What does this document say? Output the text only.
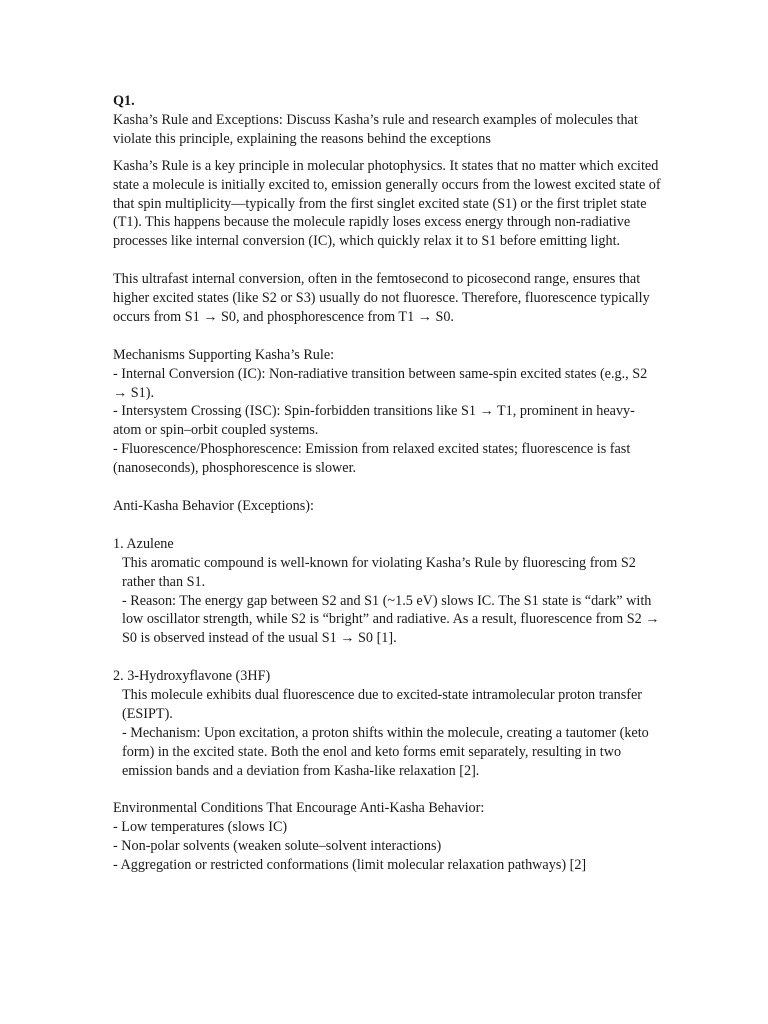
Q1.

Kasha’s Rule and Exceptions: Discuss Kasha’s rule and research examples of molecules that violate this principle, explaining the reasons behind the exceptions

Kasha’s Rule is a key principle in molecular photophysics. It states that no matter which excited state a molecule is initially excited to, emission generally occurs from the lowest excited state of that spin multiplicity—typically from the first singlet excited state (S1) or the first triplet state (T1). This happens because the molecule rapidly loses excess energy through non-radiative processes like internal conversion (IC), which quickly relax it to S1 before emitting light.

This ultrafast internal conversion, often in the femtosecond to picosecond range, ensures that higher excited states (like S2 or S3) usually do not fluoresce. Therefore, fluorescence typically occurs from S1 → S0, and phosphorescence from T1 → S0.

Mechanisms Supporting Kasha’s Rule:

- Internal Conversion (IC): Non-radiative transition between same-spin excited states (e.g., S2 → S1).

- Intersystem Crossing (ISC): Spin-forbidden transitions like S1 → T1, prominent in heavy-atom or spin–orbit coupled systems.

- Fluorescence/Phosphorescence: Emission from relaxed excited states; fluorescence is fast (nanoseconds), phosphorescence is slower.

Anti-Kasha Behavior (Exceptions):

1. Azulene

This aromatic compound is well-known for violating Kasha’s Rule by fluorescing from S2 rather than S1.

- Reason: The energy gap between S2 and S1 (~1.5 eV) slows IC. The S1 state is “dark” with low oscillator strength, while S2 is “bright” and radiative. As a result, fluorescence from S2 → S0 is observed instead of the usual S1 → S0 [1].

2. 3-Hydroxyflavone (3HF)

This molecule exhibits dual fluorescence due to excited-state intramolecular proton transfer (ESIPT).

- Mechanism: Upon excitation, a proton shifts within the molecule, creating a tautomer (keto form) in the excited state. Both the enol and keto forms emit separately, resulting in two emission bands and a deviation from Kasha-like relaxation [2].

Environmental Conditions That Encourage Anti-Kasha Behavior:

- Low temperatures (slows IC)

- Non-polar solvents (weaken solute–solvent interactions)

- Aggregation or restricted conformations (limit molecular relaxation pathways) [2]
